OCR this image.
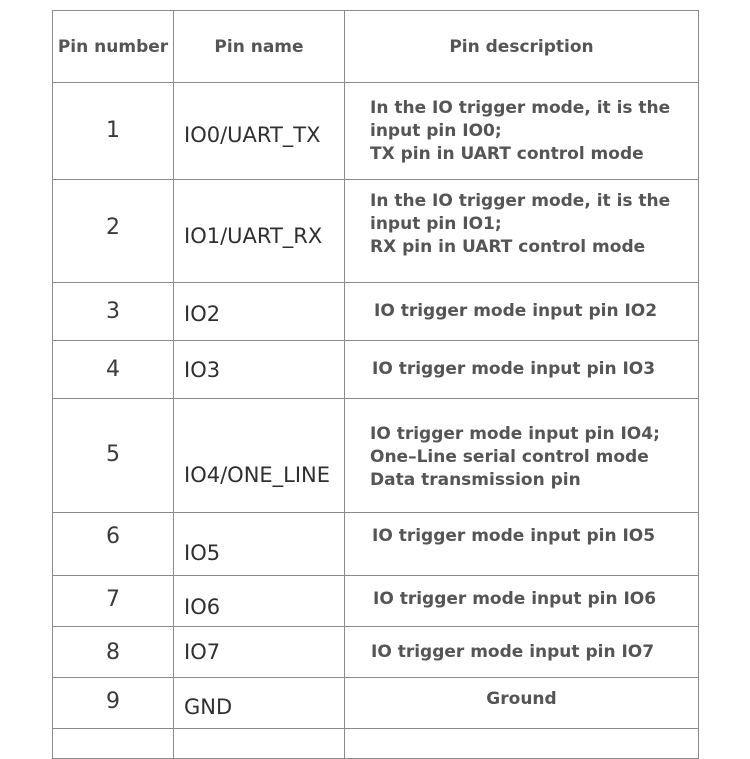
Pin number	Pin name	Pin description

1	IO0/UART_TX	In the IO trigger mode, it is the
input pin IO0;
TX pin in UART control mode

2	IO1/UART_RX	In the IO trigger mode, it is the
input pin IO1;
RX pin in UART control mode

3	IO2	IO trigger mode input pin IO2

4	IO3	IO trigger mode input pin IO3

5	IO4/ONE_LINE	IO trigger mode input pin IO4;
One–Line serial control mode
Data transmission pin

6	IO5	IO trigger mode input pin IO5

7	IO6	IO trigger mode input pin IO6

8	IO7	IO trigger mode input pin IO7

9	GND	Ground
